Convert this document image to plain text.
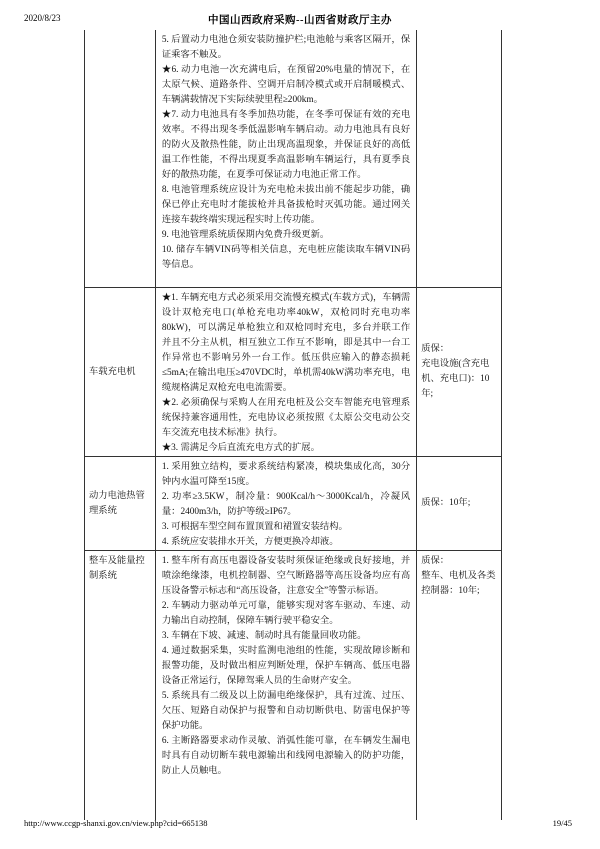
2020/8/23	中国山西政府采购--山西省财政厅主办

5. 后置动力电池仓须安装防撞护栏;电池舱与乘客区隔开，保证乘客不触及。

★6. 动力电池一次充满电后，在预留20%电量的情况下，在太原气候、道路条件、空调开启制冷模式或开启制暖模式、车辆满载情况下实际续驶里程≥200km。

★7. 动力电池具有冬季加热功能，在冬季可保证有效的充电效率。不得出现冬季低温影响车辆启动。动力电池具有良好的防火及散热性能，防止出现高温现象，并保证良好的高低温工作性能，不得出现夏季高温影响车辆运行，具有夏季良好的散热功能，在夏季可保证动力电池正常工作。

8. 电池管理系统应设计为充电枪未拔出前不能起步功能，确保已停止充电时才能拔枪并具备拔枪时灭弧功能。通过网关连接车载终端实现远程实时上传功能。

9. 电池管理系统质保期内免费升级更新。

10. 储存车辆VIN码等相关信息，充电桩应能读取车辆VIN码等信息。

车载充电机

★1. 车辆充电方式必须采用交流慢充模式(车载方式)，车辆需设计双枪充电口(单枪充电功率40kW，双枪同时充电功率80kW)，可以满足单枪独立和双枪同时充电，多台并联工作并且不分主从机，相互独立工作互不影响，即是其中一台工作异常也不影响另外一台工作。低压供应输入的静态损耗≤5mA;在输出电压≥470VDC时，单机需40kW满功率充电，电缆规格满足双枪充电电流需要。

★2. 必须确保与采购人在用充电桩及公交车智能充电管理系统保持兼容通用性，充电协议必须按照《太原公交电动公交车交流充电技术标准》执行。

★3. 需满足今后直流充电方式的扩展。

质保：
充电设施(含充电机、充电口)：10年;
动力电池热管理系统

1. 采用独立结构，要求系统结构紧凑，模块集成化高，30分钟内水温可降至15度。

2. 功率≥3.5KW，制冷量：900Kcal/h～3000Kcal/h，冷凝风量：2400m3/h，防护等级≥IP67。

3. 可根据车型空间布置顶置和裙置安装结构。

4. 系统应安装排水开关，方便更换冷却液。

质保：10年;
整车及能量控制系统

1. 整车所有高压电器设备安装时须保证绝缘或良好接地，并喷涂绝缘漆，电机控制器、空气断路器等高压设备均应有高压设备警示标志和“高压设备，注意安全”等警示标语。

2. 车辆动力驱动单元可靠，能够实现对客车驱动、车速、动力输出自动控制，保障车辆行驶平稳安全。

3. 车辆在下坡、减速、制动时具有能量回收功能。

4. 通过数据采集，实时监测电池组的性能，实现故障诊断和报警功能，及时做出相应判断处理，保护车辆高、低压电器设备正常运行，保障驾乘人员的生命财产安全。

5. 系统具有二级及以上防漏电绝缘保护，具有过流、过压、欠压、短路自动保护与报警和自动切断供电、防雷电保护等保护功能。

6. 主断路器要求动作灵敏、消弧性能可靠，在车辆发生漏电时具有自动切断车载电源输出和线网电源输入的防护功能，防止人员触电。

质保：
整车、电机及各类控制器：10年;
http://www.ccgp-shanxi.gov.cn/view.php?cid=665138	19/45
